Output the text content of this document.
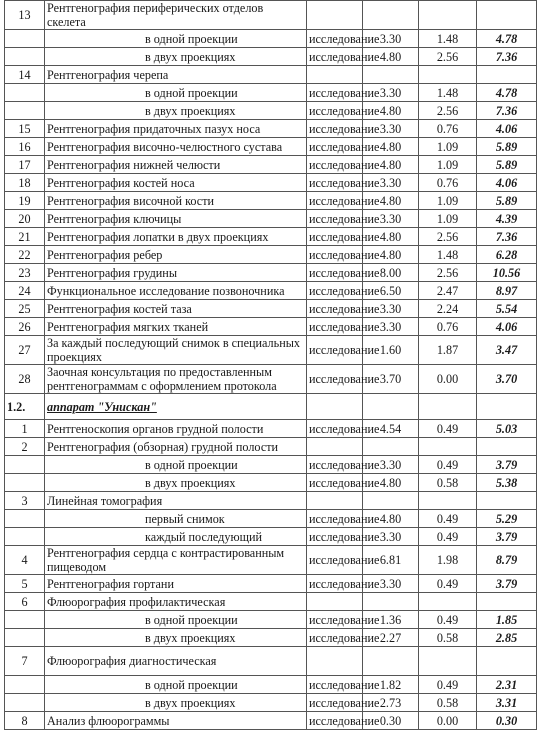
13	Рентгенография периферических отделов скелета				
	в одной проекции	исследование	3.30	1.48	4.78
	в двух проекциях	исследование	4.80	2.56	7.36
14	Рентгенография черепа				
	в одной проекции	исследование	3.30	1.48	4.78
	в двух проекциях	исследование	4.80	2.56	7.36
15	Рентгенография придаточных пазух носа	исследование	3.30	0.76	4.06
16	Рентгенография височно-челюстного сустава	исследование	4.80	1.09	5.89
17	Рентгенография нижней челюсти	исследование	4.80	1.09	5.89
18	Рентгенография костей носа	исследование	3.30	0.76	4.06
19	Рентгенография височной кости	исследование	4.80	1.09	5.89
20	Рентгенография ключицы	исследование	3.30	1.09	4.39
21	Рентгенография лопатки в двух проекциях	исследование	4.80	2.56	7.36
22	Рентгенография ребер	исследование	4.80	1.48	6.28
23	Рентгенография грудины	исследование	8.00	2.56	10.56
24	Функциональное исследование позвоночника	исследование	6.50	2.47	8.97
25	Рентгенография костей таза	исследование	3.30	2.24	5.54
26	Рентгенография мягких тканей	исследование	3.30	0.76	4.06
27	За каждый последующий снимок в специальных проекциях	исследование	1.60	1.87	3.47
28	Заочная консультация по предоставленным рентгенограммам с оформлением протокола	исследование	3.70	0.00	3.70
1.2.	аппарат "Унискан"				
1	Рентгеноскопия органов грудной полости	исследование	4.54	0.49	5.03
2	Рентгенография (обзорная) грудной полости				
	в одной проекции	исследование	3.30	0.49	3.79
	в двух проекциях	исследование	4.80	0.58	5.38
3	Линейная томография				
	первый снимок	исследование	4.80	0.49	5.29
	каждый последующий	исследование	3.30	0.49	3.79
4	Рентгенография сердца с контрастированным пищеводом	исследование	6.81	1.98	8.79
5	Рентгенография гортани	исследование	3.30	0.49	3.79
6	Флюорография профилактическая				
	в одной проекции	исследование	1.36	0.49	1.85
	в двух проекциях	исследование	2.27	0.58	2.85
7	Флюорография диагностическая				
	в одной проекции	исследование	1.82	0.49	2.31
	в двух проекциях	исследование	2.73	0.58	3.31
8	Анализ флюорограммы	исследование	0.30	0.00	0.30
